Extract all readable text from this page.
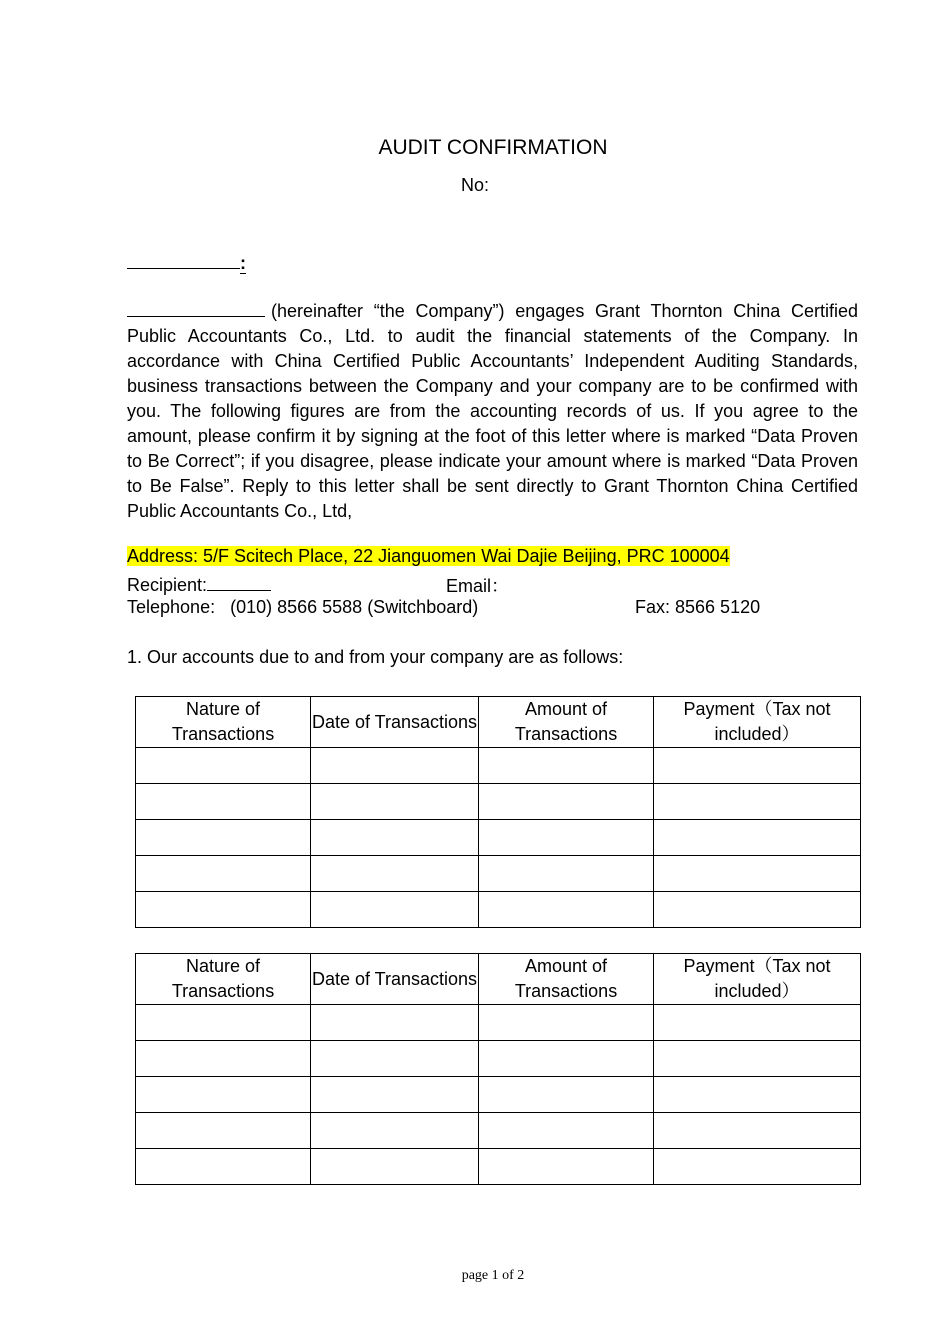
AUDIT CONFIRMATION
No:
:
(hereinafter “the Company”) engages Grant Thornton China Certified Public Accountants Co., Ltd. to audit the financial statements of the Company. In accordance with China Certified Public Accountants’ Independent Auditing Standards, business transactions between the Company and your company are to be confirmed with you. The following figures are from the accounting records of us. If you agree to the amount, please confirm it by signing at the foot of this letter where is marked “Data Proven to Be Correct”; if you disagree, please indicate your amount where is marked “Data Proven to Be False”. Reply to this letter shall be sent directly to Grant Thornton China Certified Public Accountants Co., Ltd,
Address: 5/F Scitech Place, 22 Jianguomen Wai Dajie Beijing, PRC 100004
Recipient:	Email：
Telephone:   (010) 8566 5588 (Switchboard)	Fax: 8566 5120
1. Our accounts due to and from your company are as follows:
Nature of Transactions	Date of Transactions	Amount of Transactions	Payment（Tax not included）

Nature of Transactions	Date of Transactions	Amount of Transactions	Payment（Tax not included）

page 1 of 2
